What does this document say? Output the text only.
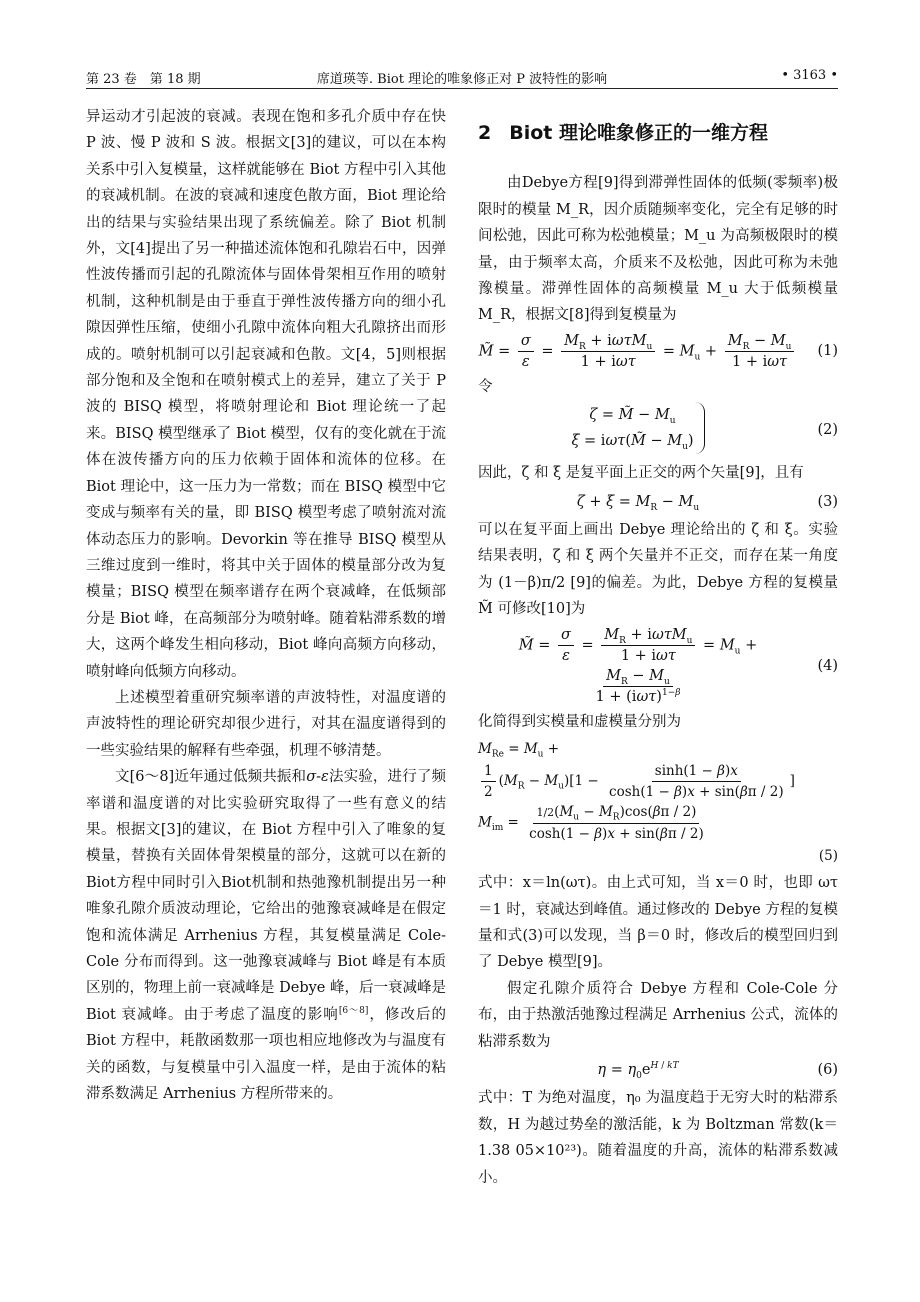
第 23 卷　第 18 期	席道瑛等. Biot 理论的唯象修正对 P 波特性的影响	• 3163 •

异运动才引起波的衰减。表现在饱和多孔介质中存在快 P 波、慢 P 波和 S 波。根据文[3]的建议，可以在本构关系中引入复模量，这样就能够在 Biot 方程中引入其他的衰减机制。在波的衰减和速度色散方面，Biot 理论给出的结果与实验结果出现了系统偏差。除了 Biot 机制外，文[4]提出了另一种描述流体饱和孔隙岩石中，因弹性波传播而引起的孔隙流体与固体骨架相互作用的喷射机制，这种机制是由于垂直于弹性波传播方向的细小孔隙因弹性压缩，使细小孔隙中流体向粗大孔隙挤出而形成的。喷射机制可以引起衰减和色散。文[4，5]则根据部分饱和及全饱和在喷射模式上的差异，建立了关于 P 波的 BISQ 模型，将喷射理论和 Biot 理论统一了起来。BISQ 模型继承了 Biot 模型，仅有的变化就在于流体在波传播方向的压力依赖于固体和流体的位移。在 Biot 理论中，这一压力为一常数；而在 BISQ 模型中它变成与频率有关的量，即 BISQ 模型考虑了喷射流对流体动态压力的影响。Devorkin 等在推导 BISQ 模型从三维过度到一维时，将其中关于固体的模量部分改为复模量；BISQ 模型在频率谱存在两个衰减峰，在低频部分是 Biot 峰，在高频部分为喷射峰。随着粘滞系数的增大，这两个峰发生相向移动，Biot 峰向高频方向移动，喷射峰向低频方向移动。

上述模型着重研究频率谱的声波特性，对温度谱的声波特性的理论研究却很少进行，对其在温度谱得到的一些实验结果的解释有些牵强，机理不够清楚。

文[6～8]近年通过低频共振和σ-ε法实验，进行了频率谱和温度谱的对比实验研究取得了一些有意义的结果。根据文[3]的建议，在 Biot 方程中引入了唯象的复模量，替换有关固体骨架模量的部分，这就可以在新的Biot方程中同时引入Biot机制和热弛豫机制提出另一种唯象孔隙介质波动理论，它给出的弛豫衰减峰是在假定饱和流体满足 Arrhenius 方程，其复模量满足 Cole-Cole 分布而得到。这一弛豫衰减峰与 Biot 峰是有本质区别的，物理上前一衰减峰是 Debye 峰，后一衰减峰是 Biot 衰减峰。由于考虑了温度的影响[6～8]，修改后的 Biot 方程中，耗散函数那一项也相应地修改为与温度有关的函数，与复模量中引入温度一样，是由于流体的粘滞系数满足 Arrhenius 方程所带来的。

2 Biot 理论唯象修正的一维方程

由Debye方程[9]得到滞弹性固体的低频(零频率)极限时的模量 M_R，因介质随频率变化，完全有足够的时间松弛，因此可称为松弛模量；M_u 为高频极限时的模量，由于频率太高，介质来不及松弛，因此可称为未弛豫模量。滞弹性固体的高频模量 M_u 大于低频模量 M_R，根据文[8]得到复模量为

M̃ = $\frac{\sigma}{\varepsilon} = \frac{M_R + i\omega\tau M_u}{\text{1 + iωτ}} = M_u + \frac{M_R - M_u}{\text{1 + iωτ}} (1)$

令

ζ = M̃ − $M_u$
ξ = iωτ(M̃ − $M_u$)
(2)

因此，ζ 和 ξ 是复平面上正交的两个矢量[9]，且有

$\zeta + \xi = M_R - M_u$	(3)

可以在复平面上画出 Debye 理论给出的 ζ 和 ξ。实验结果表明，ζ 和 ξ 两个矢量并不正交，而存在某一角度为 (1－β)π/2 [9]的偏差。为此，Debye 方程的复模量 M̃ 可修改[10]为

M̃ = $\frac{\sigma}{\varepsilon} = \frac{M_R + i\omega\tau M_u}{\text{1 + iωτ}} = M_u$ +
$\frac{M_R - M_u}{1 + (i\omega\tau)^{1-\beta}}$
(4)

化简得到实模量和虚模量分别为

$M_{Re} = M_u$ +

$\frac{1}{2} (M_R - M_u)[1 - \frac{\sinh(1 - \beta)x}{\cosh(1 - \beta)x + \sin(\beta\pi / 2)}$ ]
$M_{im} = \frac{1/2(M_u - M_R)\cos(\beta\pi / 2)}{\cosh(1 - \beta)x + \sin(\beta\pi / 2)}$
(5)

式中：x＝ln(ωτ)。由上式可知，当 x＝0 时，也即 ωτ＝1 时，衰减达到峰值。通过修改的 Debye 方程的复模量和式(3)可以发现，当 β＝0 时，修改后的模型回归到了 Debye 模型[9]。

假定孔隙介质符合 Debye 方程和 Cole-Cole 分布，由于热激活弛豫过程满足 Arrhenius 公式，流体的粘滞系数为

$\eta = \eta_0e^{H / kT}$	(6)

式中：T 为绝对温度，η₀ 为温度趋于无穷大时的粘滞系数，H 为越过势垒的激活能，k 为 Boltzman 常数(k＝1.38 05×10²³)。随着温度的升高，流体的粘滞系数减小。
